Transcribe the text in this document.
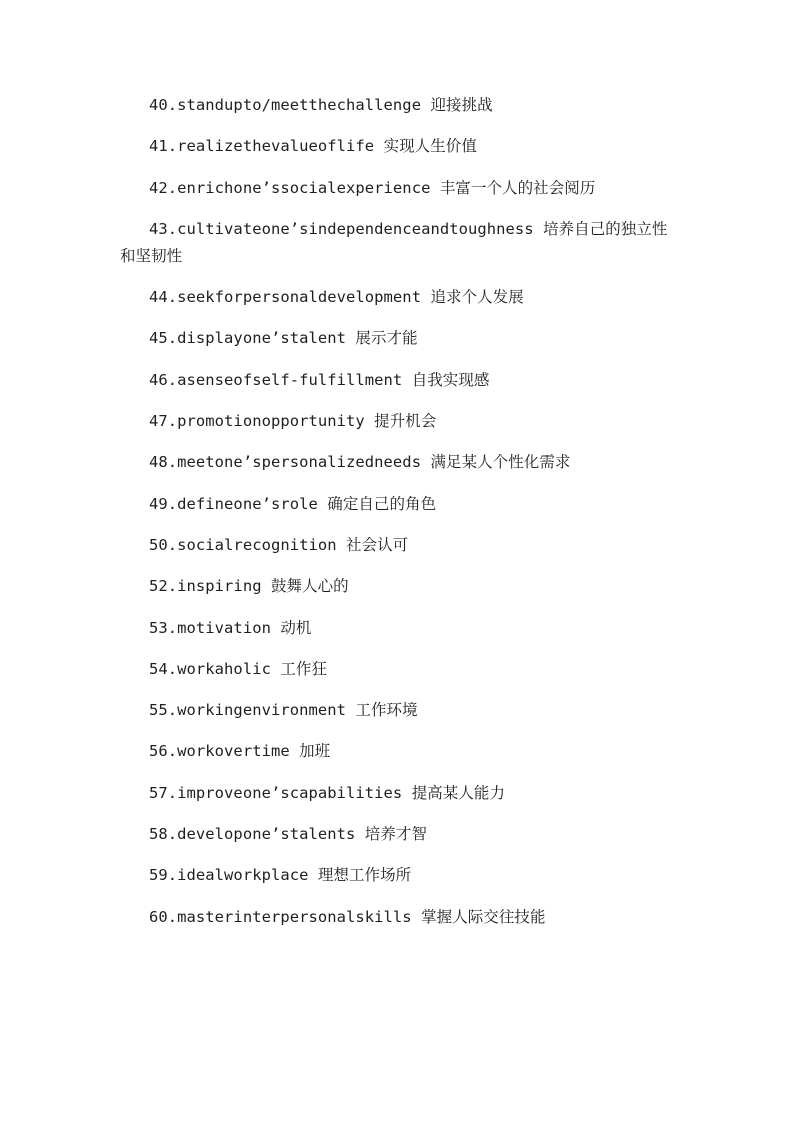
40.standupto/meetthechallenge 迎接挑战
41.realizethevalueoflife 实现人生价值
42.enrichone’ssocialexperience 丰富一个人的社会阅历
43.cultivateone’sindependenceandtoughness 培养自己的独立性和坚韧性
44.seekforpersonaldevelopment 追求个人发展
45.displayone’stalent 展示才能
46.asenseofself-fulfillment 自我实现感
47.promotionopportunity 提升机会
48.meetone’spersonalizedneeds 满足某人个性化需求
49.defineone’srole 确定自己的角色
50.socialrecognition 社会认可
52.inspiring 鼓舞人心的
53.motivation 动机
54.workaholic 工作狂
55.workingenvironment 工作环境
56.workovertime 加班
57.improveone’scapabilities 提高某人能力
58.developone’stalents 培养才智
59.idealworkplace 理想工作场所
60.masterinterpersonalskills 掌握人际交往技能
